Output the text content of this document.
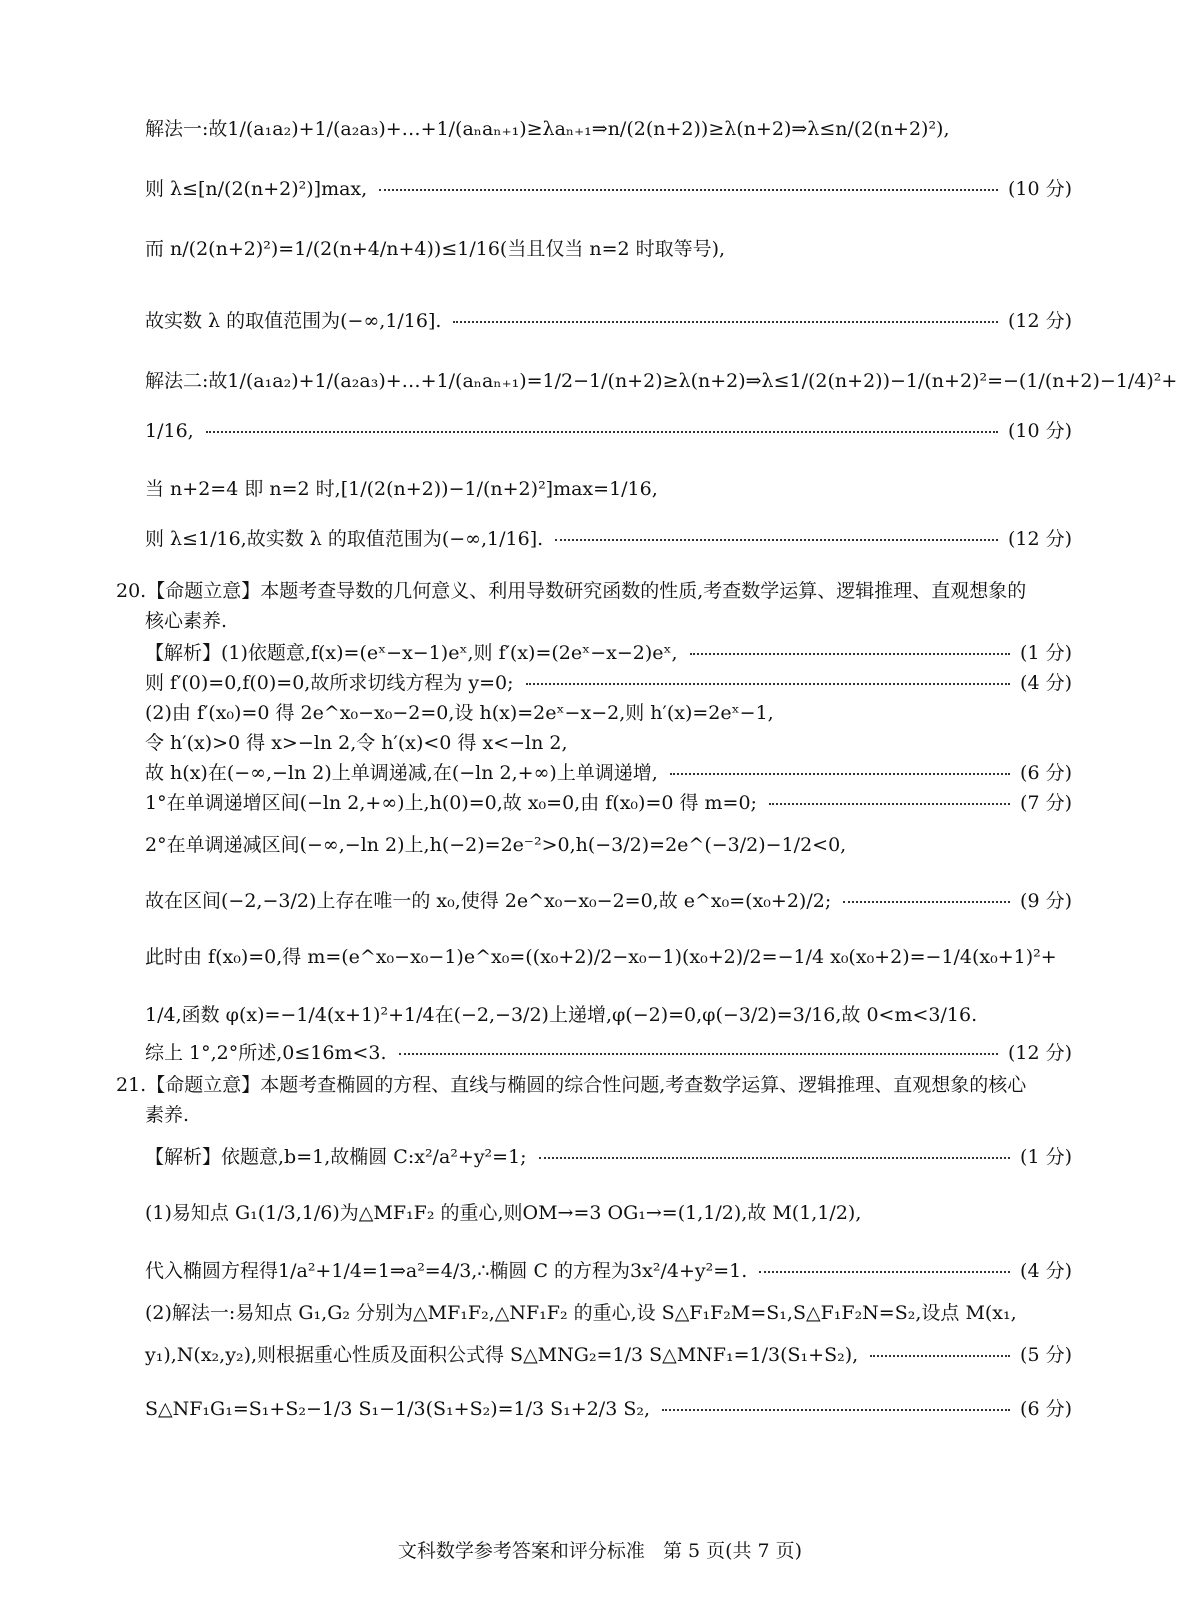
解法一:故1/(a₁a₂)+1/(a₂a₃)+…+1/(aₙaₙ₊₁)≥λaₙ₊₁⇒n/(2(n+2))≥λ(n+2)⇒λ≤n/(2(n+2)²),
则 λ≤[n/(2(n+2)²)]max,	(10 分)
而 n/(2(n+2)²)=1/(2(n+4/n+4))≤1/16(当且仅当 n=2 时取等号),
故实数 λ 的取值范围为(−∞,1/16].	(12 分)
解法二:故1/(a₁a₂)+1/(a₂a₃)+…+1/(aₙaₙ₊₁)=1/2−1/(n+2)≥λ(n+2)⇒λ≤1/(2(n+2))−1/(n+2)²=−(1/(n+2)−1/4)²+
1/16,	(10 分)
当 n+2=4 即 n=2 时,[1/(2(n+2))−1/(n+2)²]max=1/16,
则 λ≤1/16,故实数 λ 的取值范围为(−∞,1/16].	(12 分)
20.【命题立意】本题考查导数的几何意义、利用导数研究函数的性质,考查数学运算、逻辑推理、直观想象的
核心素养.
【解析】(1)依题意,f(x)=(eˣ−x−1)eˣ,则 f′(x)=(2eˣ−x−2)eˣ,	(1 分)
则 f′(0)=0,f(0)=0,故所求切线方程为 y=0;	(4 分)
(2)由 f′(x₀)=0 得 2e^x₀−x₀−2=0,设 h(x)=2eˣ−x−2,则 h′(x)=2eˣ−1,
令 h′(x)>0 得 x>−ln 2,令 h′(x)<0 得 x<−ln 2,
故 h(x)在(−∞,−ln 2)上单调递减,在(−ln 2,+∞)上单调递增,	(6 分)
1°在单调递增区间(−ln 2,+∞)上,h(0)=0,故 x₀=0,由 f(x₀)=0 得 m=0;	(7 分)
2°在单调递减区间(−∞,−ln 2)上,h(−2)=2e⁻²>0,h(−3/2)=2e^(−3/2)−1/2<0,
故在区间(−2,−3/2)上存在唯一的 x₀,使得 2e^x₀−x₀−2=0,故 e^x₀=(x₀+2)/2;	(9 分)
此时由 f(x₀)=0,得 m=(e^x₀−x₀−1)e^x₀=((x₀+2)/2−x₀−1)(x₀+2)/2=−1/4 x₀(x₀+2)=−1/4(x₀+1)²+
1/4,函数 φ(x)=−1/4(x+1)²+1/4在(−2,−3/2)上递增,φ(−2)=0,φ(−3/2)=3/16,故 0<m<3/16.
综上 1°,2°所述,0≤16m<3.	(12 分)
21.【命题立意】本题考查椭圆的方程、直线与椭圆的综合性问题,考查数学运算、逻辑推理、直观想象的核心
素养.
【解析】依题意,b=1,故椭圆 C:x²/a²+y²=1;	(1 分)
(1)易知点 G₁(1/3,1/6)为△MF₁F₂ 的重心,则OM→=3 OG₁→=(1,1/2),故 M(1,1/2),
代入椭圆方程得1/a²+1/4=1⇒a²=4/3,∴椭圆 C 的方程为3x²/4+y²=1.	(4 分)
(2)解法一:易知点 G₁,G₂ 分别为△MF₁F₂,△NF₁F₂ 的重心,设 S△F₁F₂M=S₁,S△F₁F₂N=S₂,设点 M(x₁,
y₁),N(x₂,y₂),则根据重心性质及面积公式得 S△MNG₂=1/3 S△MNF₁=1/3(S₁+S₂),	(5 分)
S△NF₁G₁=S₁+S₂−1/3 S₁−1/3(S₁+S₂)=1/3 S₁+2/3 S₂,	(6 分)
文科数学参考答案和评分标准 第 5 页(共 7 页)
